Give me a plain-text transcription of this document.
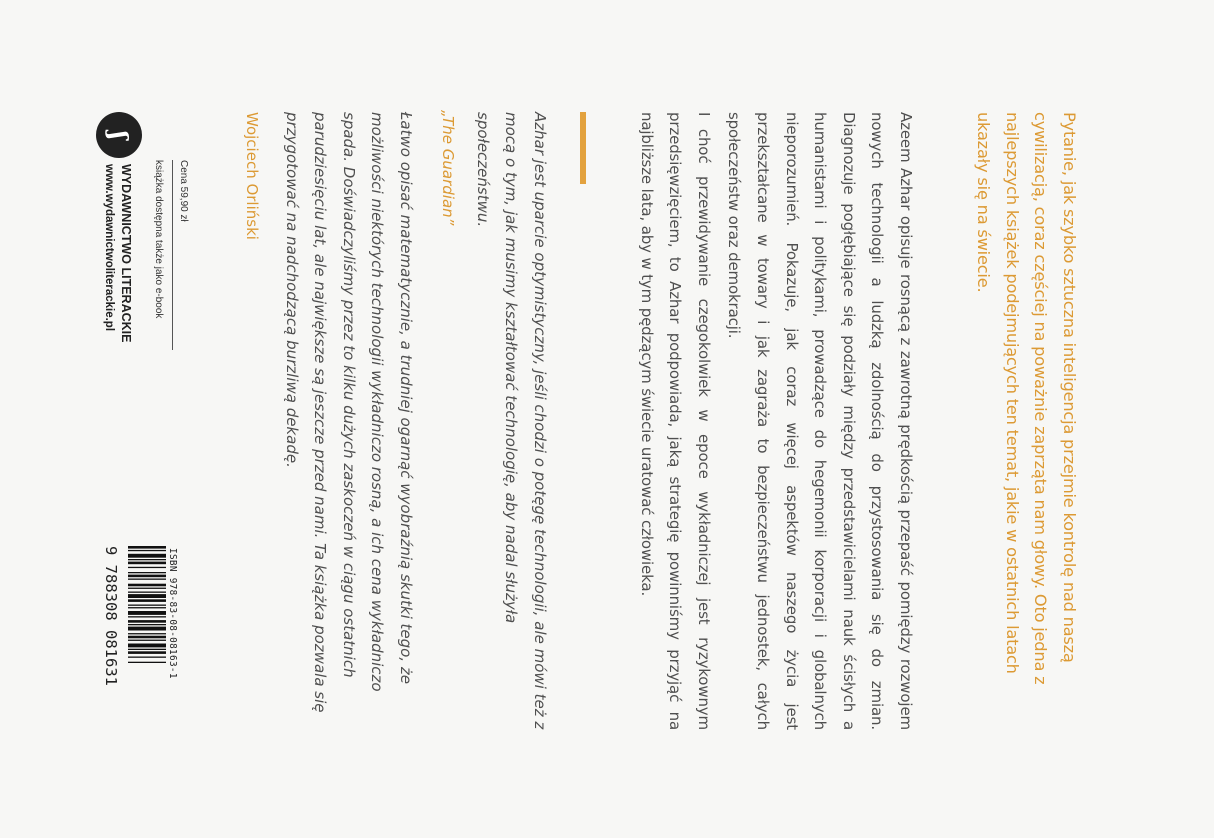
Pytanie, jak szybko sztuczna inteligencja przejmie kontrolę nad naszą cywilizacją, coraz częściej na poważnie zaprząta nam głowy. Oto jedna z najlepszych książek podejmujących ten temat, jakie w ostatnich latach ukazały się na świecie.

Azeem Azhar opisuje rosnącą z zawrotną prędkością przepaść pomiędzy rozwojem nowych technologii a ludzką zdolnością do przystosowania się do zmian. Diagnozuje pogłębiające się podziały między przedstawicielami nauk ścisłych a humanistami i politykami, prowadzące do hegemonii korporacji i globalnych nieporozumień. Pokazuje, jak coraz więcej aspektów naszego życia jest przekształcane w towary i jak zagraża to bezpieczeństwu jednostek, całych społeczeństw oraz demokracji.

I choć przewidywanie czegokolwiek w epoce wykładniczej jest ryzykownym przedsięwzięciem, to Azhar podpowiada, jaką strategię powinniśmy przyjąć na najbliższe lata, aby w tym pędzącym świecie uratować człowieka.

Azhar jest uparcie optymistyczny, jeśli chodzi o potęgę technologii, ale mówi też z mocą o tym, jak musimy kształtować technologię, aby nadal służyła społeczeństwu.

„The Guardian”

Łatwo opisać matematycznie, a trudniej ogarnąć wyobraźnią skutki tego, że możliwości niektórych technologii wykładniczo rosną, a ich cena wykładniczo spada. Doświadczyliśmy przez to kilku dużych zaskoczeń w ciągu ostatnich parudziesięciu lat, ale największe są jeszcze przed nami. Ta książka pozwala się przygotować na nadchodzącą burzliwą dekadę.

Wojciech Orliński

ʃ

WYDAWNICTWO LITERACKIE

www.wydawnictwoliterackie.pl	książka dostępna także jako e-book Cena 59,90 zł

ISBN 978-83-08-08163-1

9 788308 081631
